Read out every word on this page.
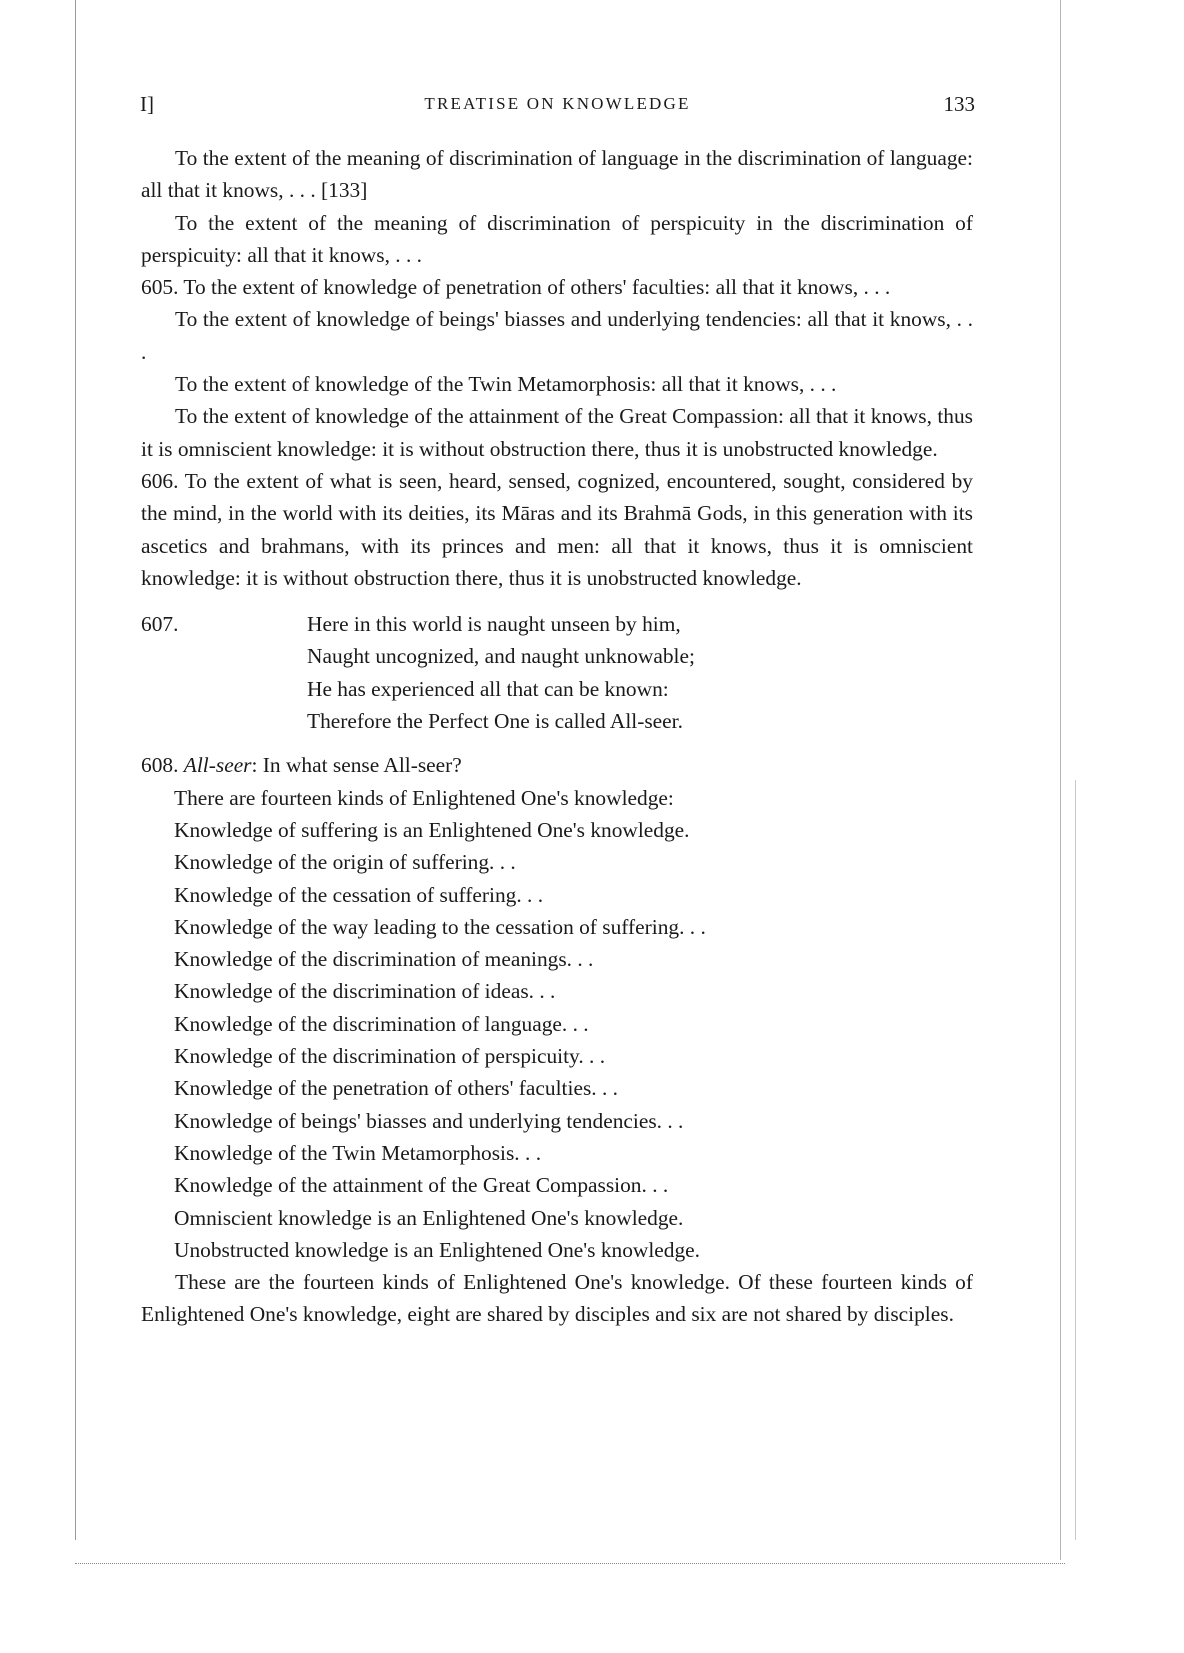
I]	TREATISE ON KNOWLEDGE	133

To the extent of the meaning of discrimination of language in the discrimination of language: all that it knows, . . . [133]

To the extent of the meaning of discrimination of perspicuity in the discrimination of perspicuity: all that it knows, . . .

605. To the extent of knowledge of penetration of others' faculties: all that it knows, . . .

To the extent of knowledge of beings' biasses and underlying tendencies: all that it knows, . . .

To the extent of knowledge of the Twin Metamorphosis: all that it knows, . . .

To the extent of knowledge of the attainment of the Great Compassion: all that it knows, thus it is omniscient knowledge: it is without obstruction there, thus it is unobstructed knowledge.

606. To the extent of what is seen, heard, sensed, cognized, encountered, sought, considered by the mind, in the world with its deities, its Māras and its Brahmā Gods, in this generation with its ascetics and brahmans, with its princes and men: all that it knows, thus it is omniscient knowledge: it is without obstruction there, thus it is unobstructed knowledge.

607.	Here in this world is naught unseen by him,
Naught uncognized, and naught unknowable;
He has experienced all that can be known:
Therefore the Perfect One is called All-seer.
608. All-seer: In what sense All-seer?
There are fourteen kinds of Enlightened One's knowledge:
Knowledge of suffering is an Enlightened One's knowledge.
Knowledge of the origin of suffering. . .
Knowledge of the cessation of suffering. . .
Knowledge of the way leading to the cessation of suffering. . .
Knowledge of the discrimination of meanings. . .
Knowledge of the discrimination of ideas. . .
Knowledge of the discrimination of language. . .
Knowledge of the discrimination of perspicuity. . .
Knowledge of the penetration of others' faculties. . .
Knowledge of beings' biasses and underlying tendencies. . .
Knowledge of the Twin Metamorphosis. . .
Knowledge of the attainment of the Great Compassion. . .
Omniscient knowledge is an Enlightened One's knowledge.
Unobstructed knowledge is an Enlightened One's knowledge.

These are the fourteen kinds of Enlightened One's knowledge. Of these fourteen kinds of Enlightened One's knowledge, eight are shared by disciples and six are not shared by disciples.
